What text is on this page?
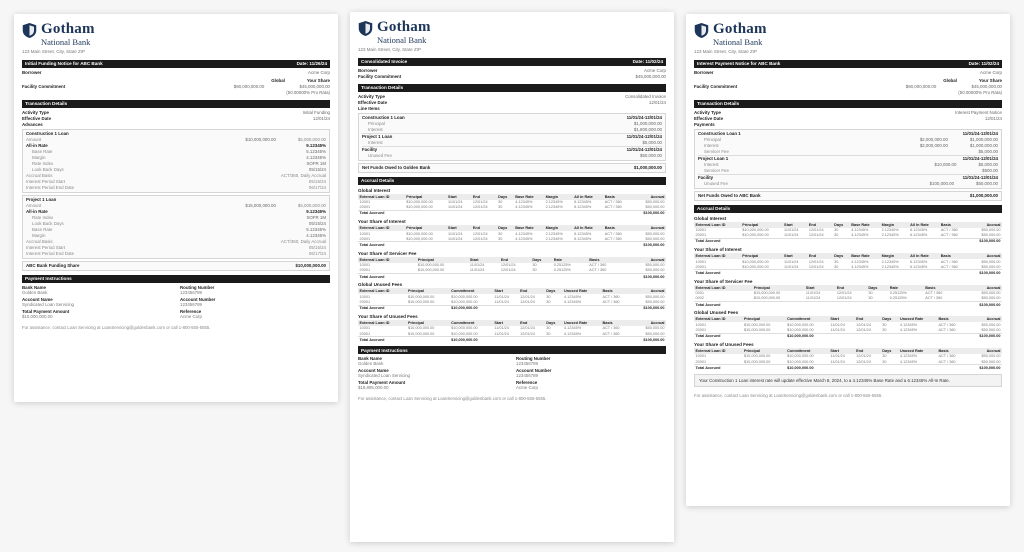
Gotham
National Bank
123 Main Street, City, State ZIP
Initial Funding Notice for ABC Bank	Date: 11/26/24
Borrower	Acme Corp
Global	Your Share
Facility Commitment	$90,000,000.00	$45,000,000.00
(50.00000% Pro Rata)
Transaction Details
Activity Type	Initial Funding
Effective Date	12/01/24
Advances
Construction 1 Loan
Amount	$10,000,000.00	$5,000,000.00
All-in Rate	9.12345%
Base Rate	5.12345%
Margin	4.12345%
Rate Index	SOFR 1M
Look Back Days	05/15/24
Accrual Basis	ACT/360, Daily Accrual
Interest Period Start	05/15/24
Interest Period End Date	06/17/24
Project 1 Loan
Amount	$15,000,000.00	$5,000,000.00
All-in Rate	9.12345%
Rate Index	SOFR 1M
Look Back Days	05/15/24
Base Rate	5.12345%
Margin	4.12345%
Accrual Basis	ACT/360, Daily Accrual
Interest Period Start	05/15/24
Interest Period End Date	06/17/24
ABC Bank Funding Share	$10,000,000.00
Payment Instructions
Bank Name
Golden Bank
Routing Number
123456789
Account Name
Syndicated Loan Servicing
Account Number
123456789
Total Payment Amount
$10,000,000.00
Reference
Acme Corp
For assistance, contact Loan Servicing at LoanServicing@goldenbank.com or call 1-800-555-5555.
Gotham
National Bank
123 Main Street, City, State ZIP
Consolidated Invoice	Date: 11/02/24
Borrower	Acme Corp
Facility Commitment	$45,000,000.00
Transaction Details
Activity Type	Consolidated Invoice
Effective Date	12/01/24
Line Items
Construction 1 Loan	11/01/24-12/01/24
Principal	$1,000,000.00
Interest	$1,800,000.00
Project 1 Loan	11/01/24-12/01/24
Interest	$5,000.00
Facility	11/01/24-12/01/24
Unused Fee	$50,000.00
Net Funds Owed to Golden Bank	$1,000,000.00
Accrual Details
Global Interest
External Loan ID	Principal	Start	End	Days	Base Rate	Margin	All In Rate	Basis	Accrual
10001	$10,000,000.00	11/01/24	12/01/24	30	4.12345%	2.12345%	6.12345%	ACT / 360	$50,000.00
20001	$10,000,000.00	11/01/24	12/01/24	30	4.12345%	2.12345%	6.12345%	ACT / 360	$50,000.00
Total Accrued									$100,000.00
Your Share of Interest
External Loan ID	Principal	Start	End	Days	Base Rate	Margin	All In Rate	Basis	Accrual
10001	$10,000,000.00	11/01/24	12/01/24	30	4.12345%	2.12345%	6.12345%	ACT / 360	$50,000.00
20001	$10,000,000.00	11/01/24	12/01/24	30	4.12345%	2.12345%	6.12345%	ACT / 360	$50,000.00
Total Accrued									$100,000.00
Your Share of Servicer Fee
External Loan ID	Principal	Start	End	Days	Rate	Basis	Accrual
10001	$10,000,000.00	11/01/24	12/01/24	30	0.25125%	ACT / 360	$50,000.00
20001	$10,000,000.00	11/01/24	12/01/24	30	0.25125%	ACT / 360	$50,000.00
Total Accrued							$100,000.00
Global Unused Fees
External Loan ID	Principal	Commitment	Start	End	Days	Unused Rate	Basis	Accrual
10001	$10,000,000.00	$10,000,000.00	11/01/24	12/01/24	30	4.12345%	ACT / 360	$50,000.00
20001	$10,000,000.00	$10,000,000.00	11/01/24	12/01/24	30	4.12345%	ACT / 360	$50,000.00
Total Accrued		$10,000,000.00						$100,000.00
Your Share of Unused Fees
External Loan ID	Principal	Commitment	Start	End	Days	Unused Rate	Basis	Accrual
10001	$10,000,000.00	$10,000,000.00	11/01/24	12/01/24	30	4.12345%	ACT / 360	$50,000.00
20001	$10,000,000.00	$10,000,000.00	11/01/24	12/01/24	30	4.12345%	ACT / 360	$50,000.00
Total Accrued		$10,000,000.00						$100,000.00
Payment Instructions
Bank Name
Golden Bank
Routing Number
123456789
Account Name
Syndicated Loan Servicing
Account Number
123456789
Total Payment Amount
$18,895,000.00
Reference
Acme Corp
For assistance, contact Loan Servicing at LoanServicing@goldenbank.com or call 1-800-555-5555.
Gotham
National Bank
123 Main Street, City, State ZIP
Interest Payment Notice for ABC Bank	Date: 11/02/24
Borrower	Acme Corp
Global	Your Share
Facility Commitment	$90,000,000.00	$45,000,000.00
(50.00000% Pro Rata)
Transaction Details
Activity Type	Interest Payment Notice
Effective Date	12/01/24
Payments
Construction Loan 1	11/01/24-12/01/24
Principal	$2,000,000.00	$1,000,000.00
Interest	$2,000,000.00	$1,000,000.00
Servicer Fee	$5,000.00
Project Loan 1	11/01/24-12/01/24
Interest	$10,000.00	$5,000.00
Servicer Fee	$500.00
Facility	11/01/24-12/01/24
Unused Fee	$100,000.00	$50,000.00
Net Funds Owed to ABC Bank	$1,000,000.00
Accrual Details
Global Interest
External Loan ID	Principal	Start	End	Days	Base Rate	Margin	All In Rate	Basis	Accrual
10001	$10,000,000.00	11/01/24	12/01/24	30	4.12345%	2.12345%	6.12345%	ACT / 360	$50,000.00
20001	$10,000,000.00	11/01/24	12/01/24	30	4.12345%	2.12345%	6.12345%	ACT / 360	$50,000.00
Total Accrued									$100,000.00
Your Share of Interest
External Loan ID	Principal	Start	End	Days	Base Rate	Margin	All In Rate	Basis	Accrual
10001	$10,000,000.00	11/01/24	12/01/24	30	4.12345%	2.12345%	6.12345%	ACT / 360	$50,000.00
20001	$10,000,000.00	11/01/24	12/01/24	30	4.12345%	2.12345%	6.12345%	ACT / 360	$50,000.00
Total Accrued									$100,000.00
Your Share of Servicer Fee
External Loan ID	Principal	Start	End	Days	Rate	Basis	Accrual
0001	$10,000,000.00	11/01/24	12/01/24	30	0.25125%	ACT / 360	$50,000.00
0002	$10,000,000.00	11/01/24	12/01/24	30	0.25125%	ACT / 360	$50,000.00
Total Accrued							$100,000.00
Global Unused Fees
External Loan ID	Principal	Commitment	Start	End	Days	Unused Rate	Basis	Accrual
10001	$10,000,000.00	$10,000,000.00	11/01/24	12/01/24	30	4.12345%	ACT / 360	$50,000.00
20001	$10,000,000.00	$10,000,000.00	11/01/24	12/01/24	30	4.12345%	ACT / 360	$50,000.00
Total Accrued		$10,000,000.00						$100,000.00
Your Share of Unused Fees
External Loan ID	Principal	Commitment	Start	End	Days	Unused Rate	Basis	Accrual
10001	$10,000,000.00	$10,000,000.00	11/01/24	12/01/24	30	4.12345%	ACT / 360	$50,000.00
20001	$10,000,000.00	$10,000,000.00	11/01/24	12/01/24	30	4.12345%	ACT / 360	$50,000.00
Total Accrued		$10,000,000.00						$100,000.00
Your Construction 1 Loan interest rate will update effective March 8, 2024, to a 4.12345% Base Rate and a 6.12345% All-In Rate.
For assistance, contact Loan Servicing at LoanServicing@goldenbank.com or call 1-800-555-5555.
